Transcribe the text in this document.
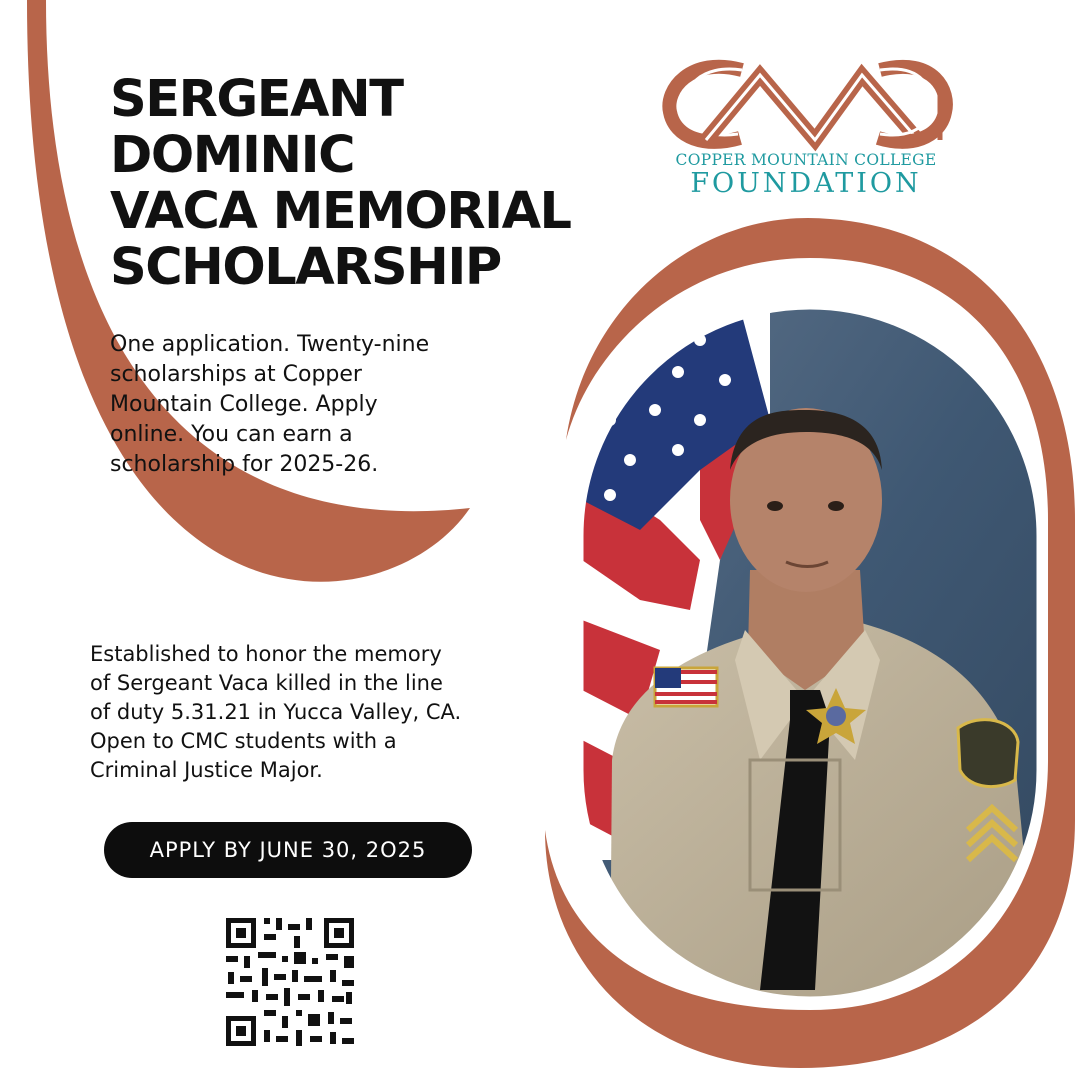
SERGEANT DOMINIC
VACA MEMORIAL
SCHOLARSHIP
COPPER MOUNTAIN COLLEGE
FOUNDATION
One application. Twenty-nine
scholarships at Copper
Mountain College. Apply
online. You can earn a
scholarship for 2025-26.
Established to honor the memory
of Sergeant Vaca killed in the line
of duty 5.31.21 in Yucca Valley, CA.
Open to CMC students with a
Criminal Justice Major.
APPLY BY JUNE 30, 2O25
